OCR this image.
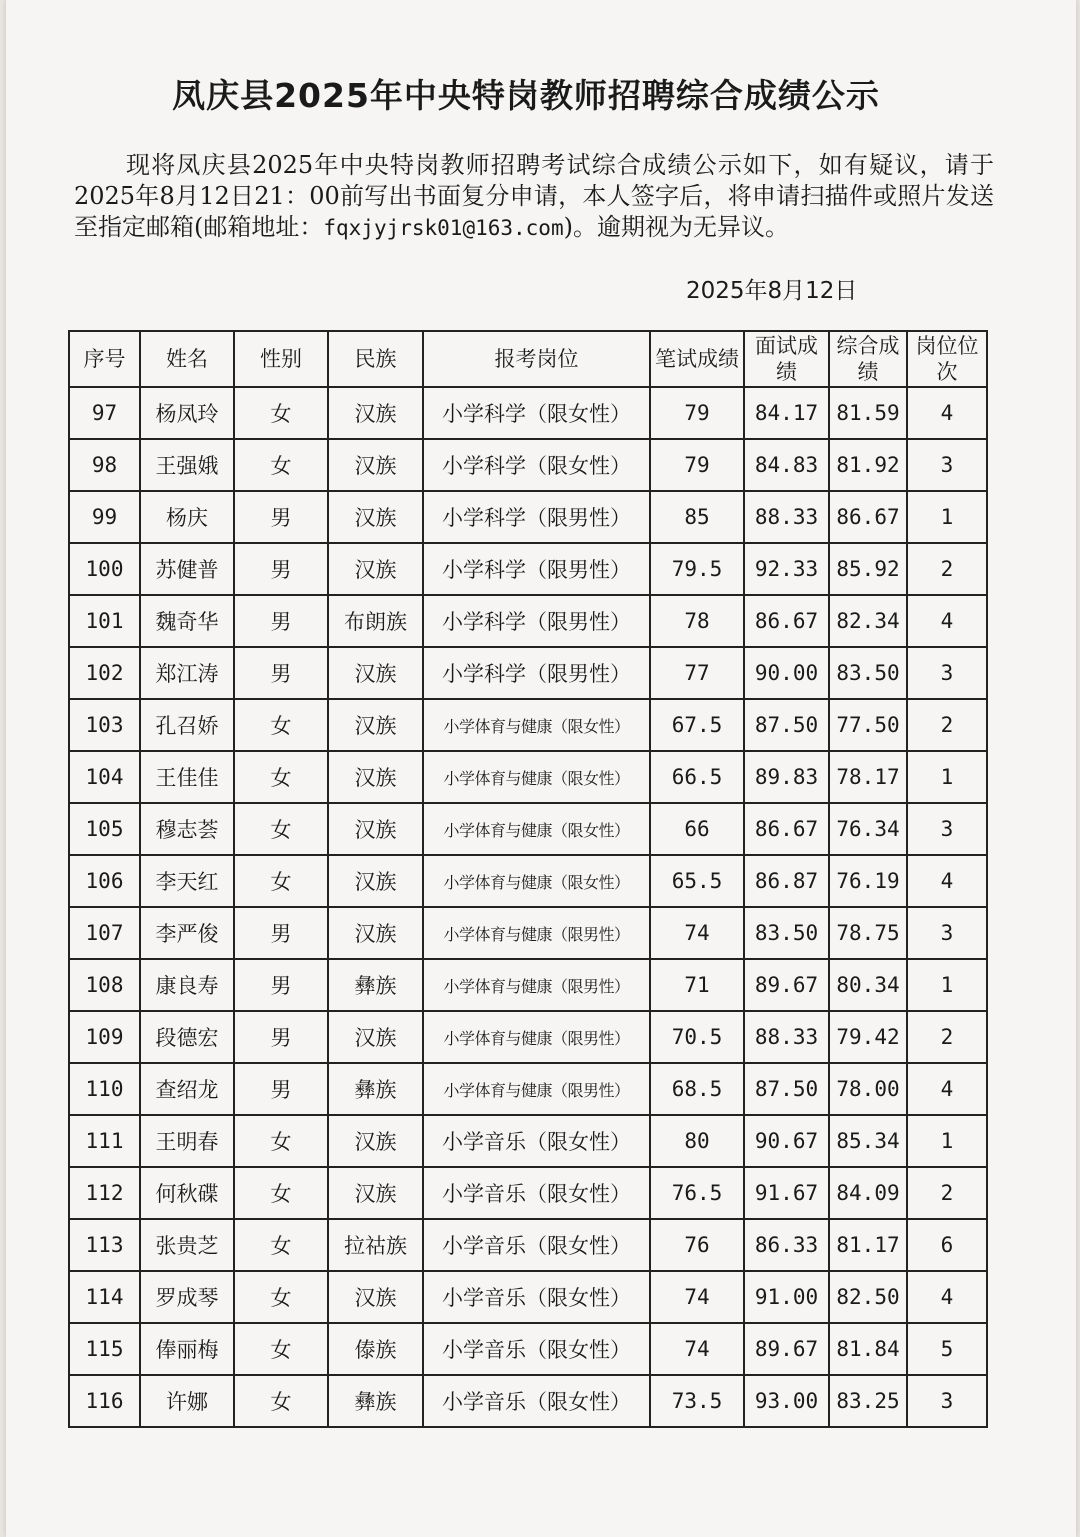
凤庆县2025年中央特岗教师招聘综合成绩公示
现将凤庆县2025年中央特岗教师招聘考试综合成绩公示如下，如有疑议，请于2025年8月12日21：00前写出书面复分申请，本人签字后，将申请扫描件或照片发送至指定邮箱(邮箱地址：fqxjyjrsk01@163.com)。逾期视为无异议。
2025年8月12日
序号	姓名	性别	民族	报考岗位	笔试成绩	面试成绩	综合成绩	岗位位次
97	杨凤玲	女	汉族	小学科学（限女性）	79	84.17	81.59	4
98	王强娥	女	汉族	小学科学（限女性）	79	84.83	81.92	3
99	杨庆	男	汉族	小学科学（限男性）	85	88.33	86.67	1
100	苏健普	男	汉族	小学科学（限男性）	79.5	92.33	85.92	2
101	魏奇华	男	布朗族	小学科学（限男性）	78	86.67	82.34	4
102	郑江涛	男	汉族	小学科学（限男性）	77	90.00	83.50	3
103	孔召娇	女	汉族	小学体育与健康（限女性）	67.5	87.50	77.50	2
104	王佳佳	女	汉族	小学体育与健康（限女性）	66.5	89.83	78.17	1
105	穆志荟	女	汉族	小学体育与健康（限女性）	66	86.67	76.34	3
106	李天红	女	汉族	小学体育与健康（限女性）	65.5	86.87	76.19	4
107	李严俊	男	汉族	小学体育与健康（限男性）	74	83.50	78.75	3
108	康良寿	男	彝族	小学体育与健康（限男性）	71	89.67	80.34	1
109	段德宏	男	汉族	小学体育与健康（限男性）	70.5	88.33	79.42	2
110	查绍龙	男	彝族	小学体育与健康（限男性）	68.5	87.50	78.00	4
111	王明春	女	汉族	小学音乐（限女性）	80	90.67	85.34	1
112	何秋碟	女	汉族	小学音乐（限女性）	76.5	91.67	84.09	2
113	张贵芝	女	拉祜族	小学音乐（限女性）	76	86.33	81.17	6
114	罗成琴	女	汉族	小学音乐（限女性）	74	91.00	82.50	4
115	俸丽梅	女	傣族	小学音乐（限女性）	74	89.67	81.84	5
116	许娜	女	彝族	小学音乐（限女性）	73.5	93.00	83.25	3
